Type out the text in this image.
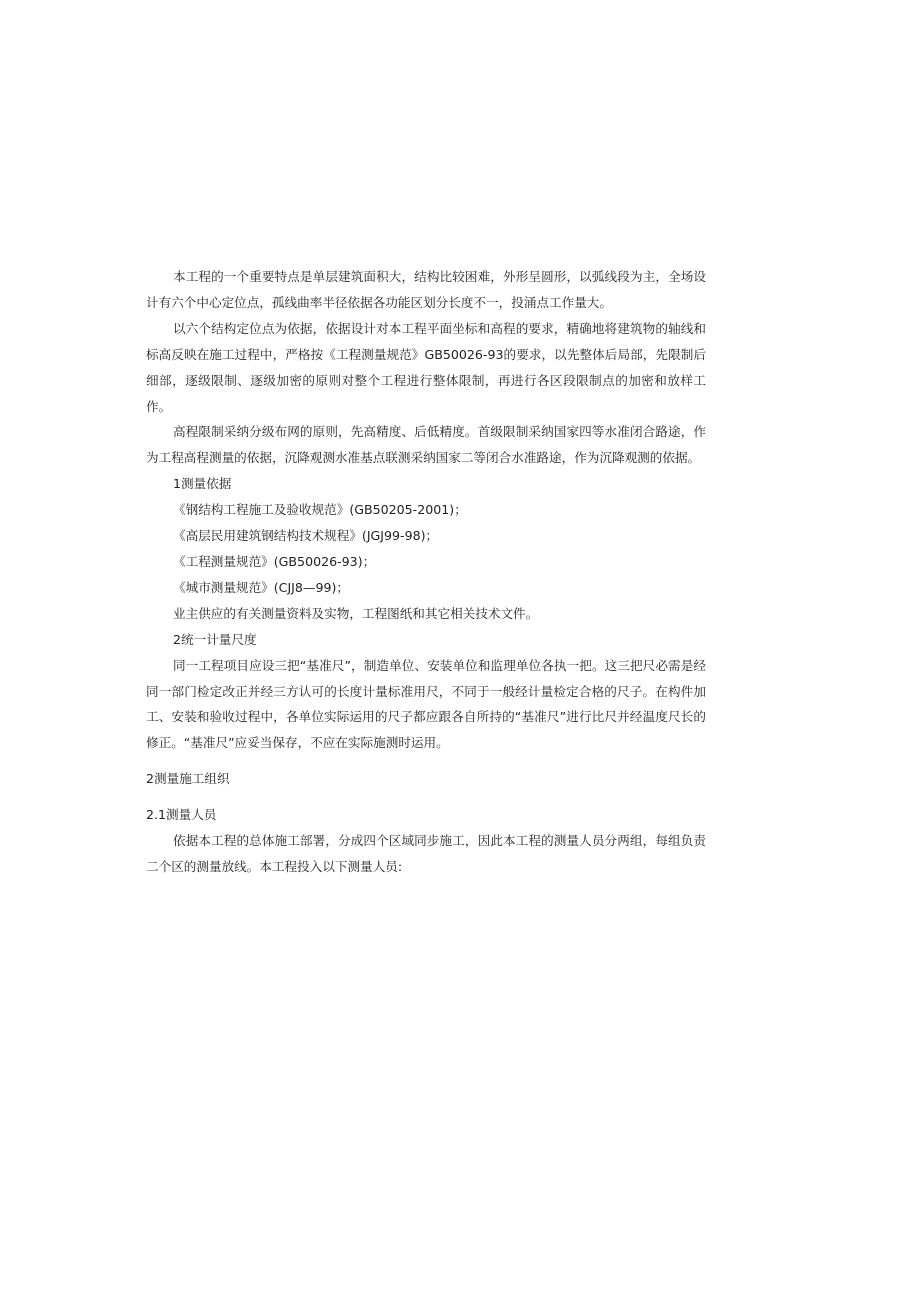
本工程的一个重要特点是单层建筑面积大，结构比较困难，外形呈圆形，以弧线段为主，全场设计有六个中心定位点，孤线曲率半径依据各功能区划分长度不一，投涌点工作量大。

以六个结构定位点为依据，依据设计对本工程平面坐标和高程的要求，精确地将建筑物的轴线和标高反映在施工过程中，严格按《工程测量规范》GB50026-93的要求，以先整体后局部，先限制后细部，逐级限制、逐级加密的原则对整个工程进行整体限制，再进行各区段限制点的加密和放样工作。

高程限制采纳分级布网的原则，先高精度、后低精度。首级限制采纳国家四等水准闭合路途，作为工程高程测量的依据，沉降观测水准基点联测采纳国家二等闭合水准路途，作为沉降观测的依据。

1测量依据

《钢结构工程施工及验收规范》(GB50205-2001)；

《高层民用建筑钢结构技术规程》(JGJ99-98)；

《工程测量规范》(GB50026-93)；

《城市测量规范》(CJJ8—99)；

业主供应的有关测量资料及实物，工程图纸和其它相关技术文件。

2统一计量尺度

同一工程项目应设三把“基准尺”，制造单位、安装单位和监理单位各执一把。这三把尺必需是经同一部门检定改正并经三方认可的长度计量标准用尺，不同于一般经计量检定合格的尺子。在构件加工、安装和验收过程中，各单位实际运用的尺子都应跟各自所持的“基准尺”进行比尺并经温度尺长的修正。“基准尺”应妥当保存，不应在实际施测时运用。

2测量施工组织

2.1测量人员

依据本工程的总体施工部署，分成四个区域同步施工，因此本工程的测量人员分两组，每组负责二个区的测量放线。本工程投入以下测量人员:
